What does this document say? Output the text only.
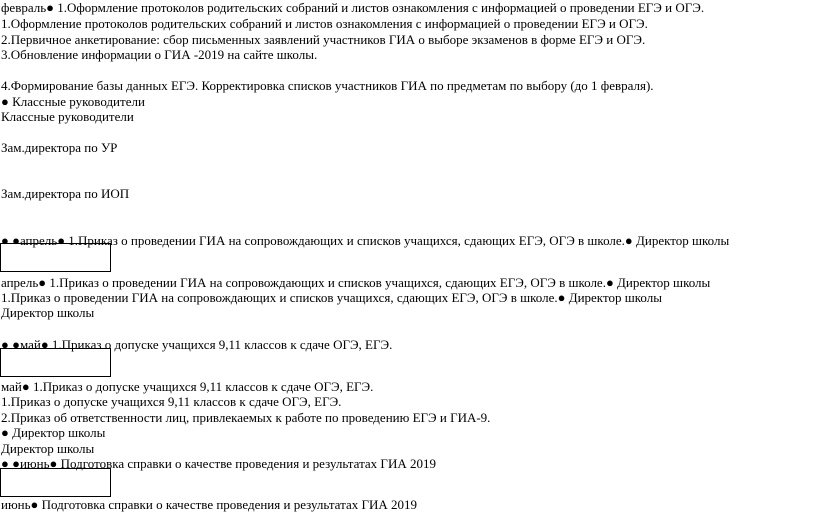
февраль● 1.Оформление протоколов родительских собраний и листов ознакомления с информацией о проведении ЕГЭ и ОГЭ.
1.Оформление протоколов родительских собраний и листов ознакомления с информацией о проведении ЕГЭ и ОГЭ.
2.Первичное анкетирование: сбор письменных заявлений участников ГИА о выборе экзаменов в форме ЕГЭ и ОГЭ.
3.Обновление информации о ГИА -2019 на сайте школы.
4.Формирование базы данных ЕГЭ. Корректировка списков участников ГИА по предметам по выбору (до 1 февраля).
● Классные руководители
Классные руководители
Зам.директора по УР
Зам.директора по ИОП
● ●апрель● 1.Приказ о проведении ГИА на сопровождающих и списков учащихся, сдающих ЕГЭ, ОГЭ в школе.● Директор школы
апрель● 1.Приказ о проведении ГИА на сопровождающих и списков учащихся, сдающих ЕГЭ, ОГЭ в школе.● Директор школы
1.Приказ о проведении ГИА на сопровождающих и списков учащихся, сдающих ЕГЭ, ОГЭ в школе.● Директор школы
Директор школы
● ●май● 1.Приказ о допуске учащихся 9,11 классов к сдаче ОГЭ, ЕГЭ.
май● 1.Приказ о допуске учащихся 9,11 классов к сдаче ОГЭ, ЕГЭ.
1.Приказ о допуске учащихся 9,11 классов к сдаче ОГЭ, ЕГЭ.
2.Приказ об ответственности лиц, привлекаемых к работе по проведению ЕГЭ и ГИА-9.
● Директор школы
Директор школы
● ●июнь● Подготовка справки о качестве проведения и результатах ГИА 2019
июнь● Подготовка справки о качестве проведения и результатах ГИА 2019
